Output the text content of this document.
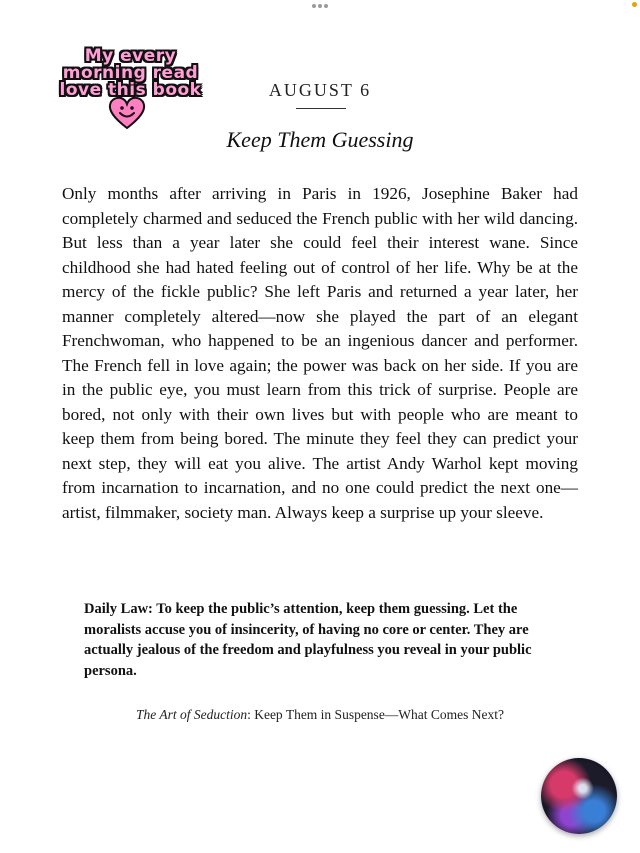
My every
morning read
love this book	AUGUST 6
Keep Them Guessing

Only months after arriving in Paris in 1926, Josephine Baker had completely charmed and seduced the French public with her wild dancing. But less than a year later she could feel their interest wane. Since childhood she had hated feeling out of control of her life. Why be at the mercy of the fickle public? She left Paris and returned a year later, her manner completely altered—now she played the part of an elegant Frenchwoman, who happened to be an ingenious dancer and performer. The French fell in love again; the power was back on her side. If you are in the public eye, you must learn from this trick of surprise. People are bored, not only with their own lives but with people who are meant to keep them from being bored. The minute they feel they can predict your next step, they will eat you alive. The artist Andy Warhol kept moving from incarnation to incarnation, and no one could predict the next one—artist, filmmaker, society man. Always keep a surprise up your sleeve.

Daily Law: To keep the public’s attention, keep them guessing. Let the moralists accuse you of insincerity, of having no core or center. They are actually jealous of the freedom and playfulness you reveal in your public persona.

The Art of Seduction: Keep Them in Suspense—What Comes Next?
